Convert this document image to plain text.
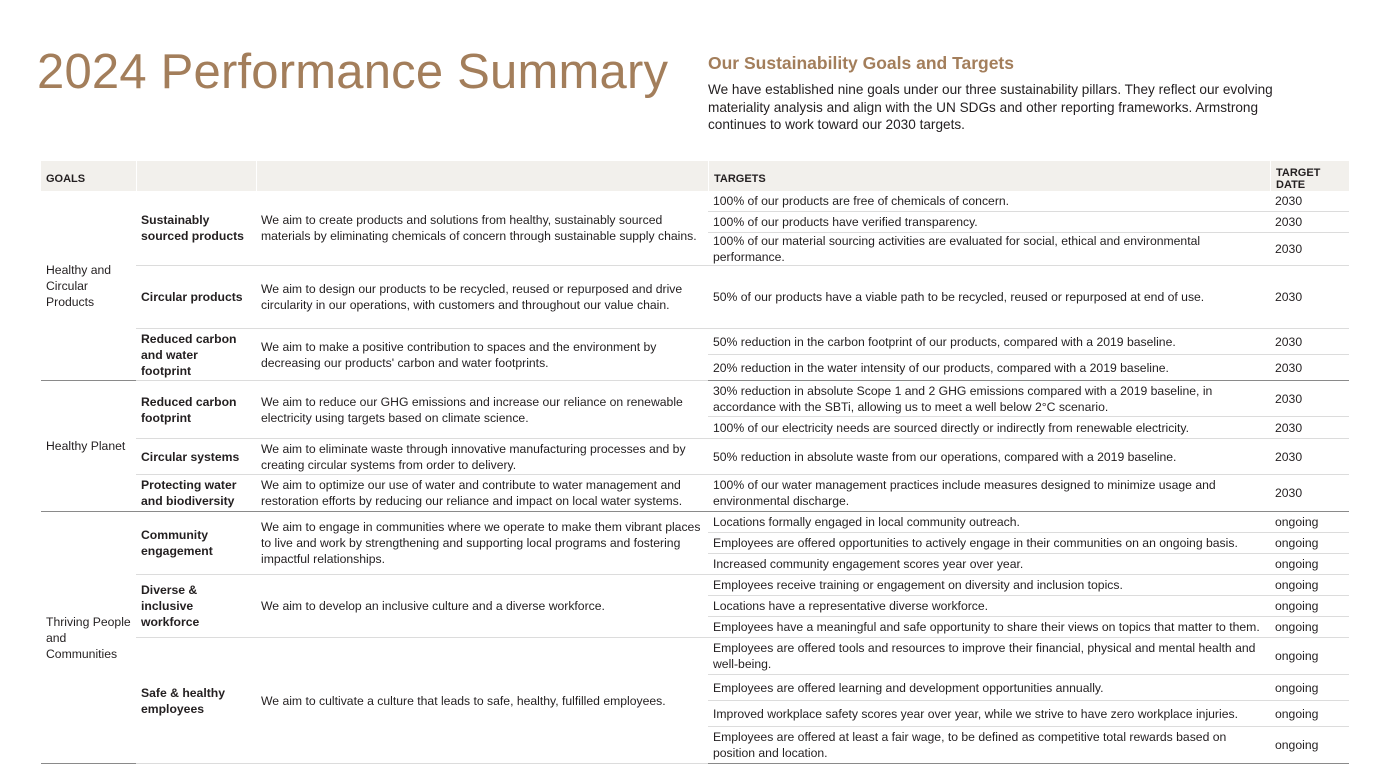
2024 Performance Summary Our Sustainability Goals and Targets
We have established nine goals under our three sustainability pillars. They reflect our evolving materiality analysis and align with the UN SDGs and other reporting frameworks. Armstrong continues to work toward our 2030 targets.
GOALS			TARGETS	TARGET DATE
Healthy and Circular Products	Sustainably sourced products	We aim to create products and solutions from healthy, sustainably sourced materials by eliminating chemicals of concern through sustainable supply chains.	100% of our products are free of chemicals of concern.	2030
			100% of our products have verified transparency.	2030
			100% of our material sourcing activities are evaluated for social, ethical and environmental performance.	2030
	Circular products	We aim to design our products to be recycled, reused or repurposed and drive circularity in our operations, with customers and throughout our value chain.	50% of our products have a viable path to be recycled, reused or repurposed at end of use.	2030
	Reduced carbon and water footprint	We aim to make a positive contribution to spaces and the environment by decreasing our products' carbon and water footprints.	50% reduction in the carbon footprint of our products, compared with a 2019 baseline.	2030
			20% reduction in the water intensity of our products, compared with a 2019 baseline.	2030
Healthy Planet	Reduced carbon footprint	We aim to reduce our GHG emissions and increase our reliance on renewable electricity using targets based on climate science.	30% reduction in absolute Scope 1 and 2 GHG emissions compared with a 2019 baseline, in accordance with the SBTi, allowing us to meet a well below 2°C scenario.	2030
			100% of our electricity needs are sourced directly or indirectly from renewable electricity.	2030
	Circular systems	We aim to eliminate waste through innovative manufacturing processes and by creating circular systems from order to delivery.	50% reduction in absolute waste from our operations, compared with a 2019 baseline.	2030
	Protecting water and biodiversity	We aim to optimize our use of water and contribute to water management and restoration efforts by reducing our reliance and impact on local water systems.	100% of our water management practices include measures designed to minimize usage and environmental discharge.	2030
Thriving People and Communities	Community engagement	We aim to engage in communities where we operate to make them vibrant places to live and work by strengthening and supporting local programs and fostering impactful relationships.	Locations formally engaged in local community outreach.	ongoing
			Employees are offered opportunities to actively engage in their communities on an ongoing basis.	ongoing
			Increased community engagement scores year over year.	ongoing
	Diverse & inclusive workforce	We aim to develop an inclusive culture and a diverse workforce.	Employees receive training or engagement on diversity and inclusion topics.	ongoing
			Locations have a representative diverse workforce.	ongoing
			Employees have a meaningful and safe opportunity to share their views on topics that matter to them.	ongoing
	Safe & healthy employees	We aim to cultivate a culture that leads to safe, healthy, fulfilled employees.	Employees are offered tools and resources to improve their financial, physical and mental health and well-being.	ongoing
			Employees are offered learning and development opportunities annually.	ongoing
			Improved workplace safety scores year over year, while we strive to have zero workplace injuries.	ongoing
			Employees are offered at least a fair wage, to be defined as competitive total rewards based on position and location.	ongoing
